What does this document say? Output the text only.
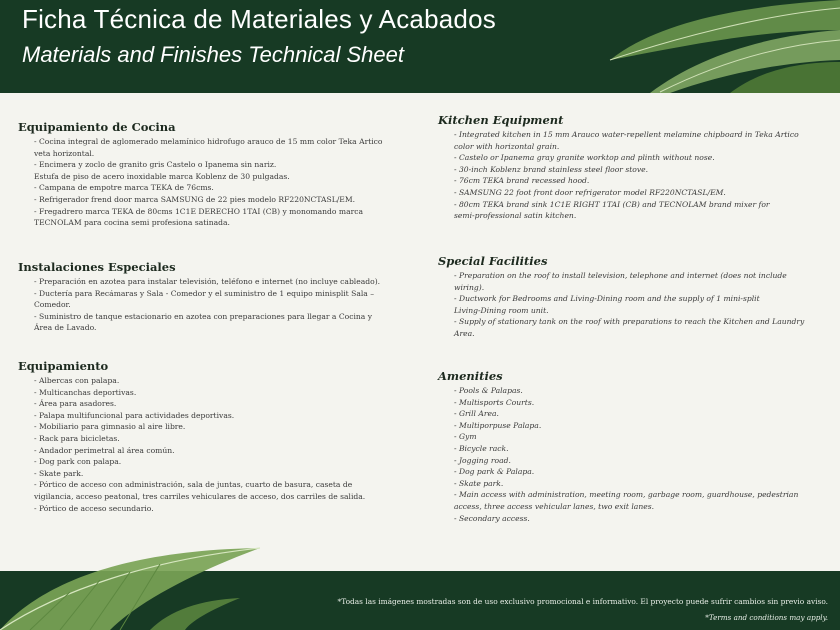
Ficha Técnica de Materiales y Acabados
Materials and Finishes Technical Sheet
Equipamiento de Cocina
- Cocina integral de aglomerado melamínico hidrofugo arauco de 15 mm color Teka Artico
veta horizontal.
- Encimera y zoclo de granito gris Castelo o Ipanema sin nariz.
Estufa de piso de acero inoxidable marca Koblenz de 30 pulgadas.
- Campana de empotre marca TEKA de 76cms.
- Refrigerador frend door marca SAMSUNG de 22 pies modelo RF220NCTASL/EM.
- Fregadrero marca TEKA de 80cms 1C1E DERECHO 1TAI (CB) y monomando marca
TECNOLAM para cocina semi profesiona satinada.
Instalaciones Especiales
- Preparación en azotea para instalar televisión, teléfono e internet (no incluye cableado).
- Ductería para Recámaras y Sala - Comedor y el suministro de 1 equipo minisplit Sala –
Comedor.
- Suministro de tanque estacionario en azotea con preparaciones para llegar a Cocina y
Área de Lavado.
Equipamiento
- Albercas con palapa.
- Multicanchas deportivas.
- Área para asadores.
- Palapa multifuncional para actividades deportivas.
- Mobiliario para gimnasio al aire libre.
- Rack para bicicletas.
- Andador perimetral al área común.
- Dog park con palapa.
- Skate park.
- Pórtico de acceso con administración, sala de juntas, cuarto de basura, caseta de
vigilancia, acceso peatonal, tres carriles vehiculares de acceso, dos carriles de salida.
- Pórtico de acceso secundario.
Kitchen Equipment
- Integrated kitchen in 15 mm Arauco water-repellent melamine chipboard in Teka Artico
color with horizontal grain.
- Castelo or Ipanema gray granite worktop and plinth without nose.
- 30-inch Koblenz brand stainless steel floor stove.
- 76cm TEKA brand recessed hood.
- SAMSUNG 22 foot front door refrigerator model RF220NCTASL/EM.
- 80cm TEKA brand sink 1C1E RIGHT 1TAI (CB) and TECNOLAM brand mixer for
semi-professional satin kitchen.
Special Facilities
- Preparation on the roof to install television, telephone and internet (does not include
wiring).
- Ductwork for Bedrooms and Living-Dining room and the supply of 1 mini-split
Living-Dining room unit.
- Supply of stationary tank on the roof with preparations to reach the Kitchen and Laundry
Area.
Amenities
- Pools & Palapas.
- Multisports Courts.
- Grill Area.
- Multiporpuse Palapa.
- Gym
- Bicycle rack.
- Jogging road.
- Dog park & Palapa.
- Skate park.
- Main access with administration, meeting room, garbage room, guardhouse, pedestrian
access, three access vehicular lanes, two exit lanes.
- Secondary access.
*Todas las imágenes mostradas son de uso exclusivo promocional e informativo. El proyecto puede sufrir cambios sin previo aviso.
*Terms and conditions may apply.
